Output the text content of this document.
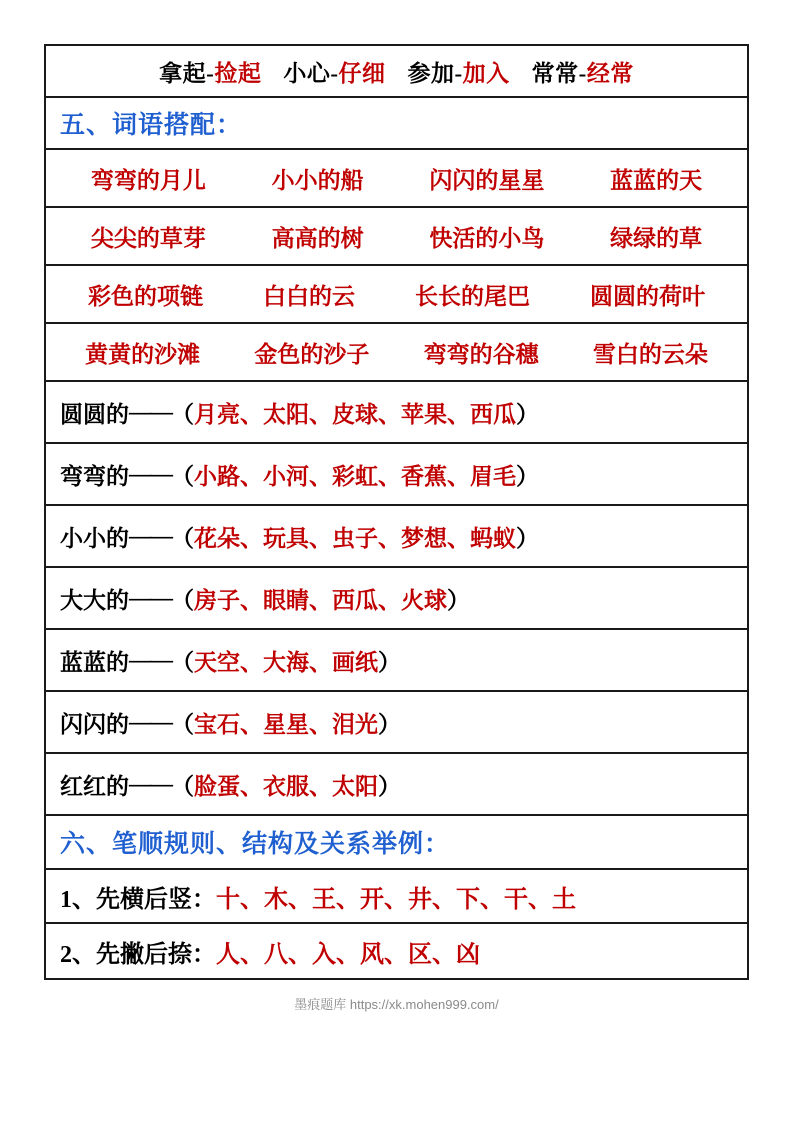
拿起-捡起 小心-仔细 参加-加入 常常-经常
五、词语搭配：
弯弯的月儿	小小的船	闪闪的星星	蓝蓝的天
尖尖的草芽	高高的树	快活的小鸟	绿绿的草
彩色的项链	白白的云	长长的尾巴	圆圆的荷叶
黄黄的沙滩 金色的沙子 弯弯的谷穗 雪白的云朵
圆圆的 —— （ 月亮、太阳、皮球、苹果、西瓜 ）
弯弯的 —— （ 小路、小河、彩虹、香蕉、眉毛 ）
小小的 —— （ 花朵、玩具、虫子、梦想、蚂蚁 ）
大大的 —— （ 房子、眼睛、西瓜、火球 ）
蓝蓝的 —— （ 天空、大海、画纸 ）
闪闪的 —— （ 宝石、星星、泪光 ）
红红的 —— （ 脸蛋、衣服、太阳 ）
六、笔顺规则、结构及关系举例：
1、先横后竖： 十、木、王、开、井、下、干、土
2、先撇后捺： 人、八、入、风、区、凶
墨痕题库 https://xk.mohen999.com/
